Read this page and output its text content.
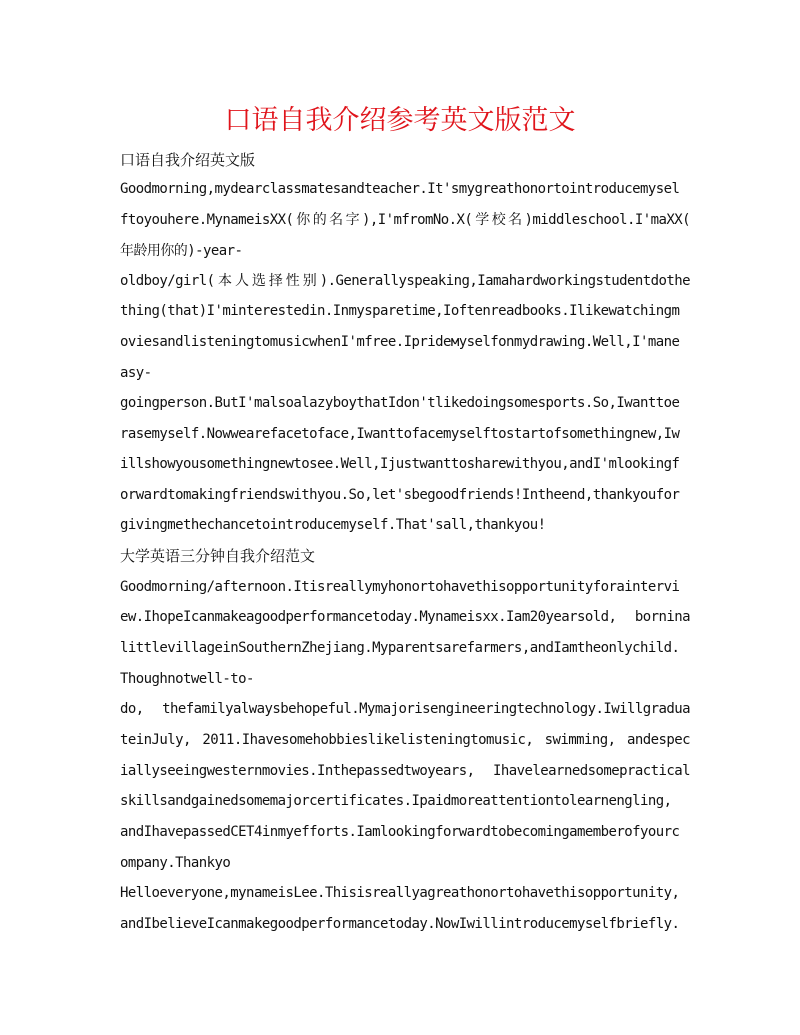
口语自我介绍参考英文版范文
口语自我介绍英文版
Goodmorning,mydearclassmatesandteacher.It'smygreathonortointroducemysel
ftoyouhere.MynameisXX(你的名字),I'mfromNo.X(学校名)middleschool.I'maXX(
年龄用你的)-year-
oldboy/girl(本人选择性别).Generallyspeaking,Iamahardworkingstudentdothe
thing(that)I'minterestedin.Inmysparetime,Ioftenreadbooks.Ilikewatchingm
oviesandlisteningtomusicwhenI'mfree.Iprideмyselfonmydrawing.Well,I'mane
asy-
goingperson.ButI'malsoalazyboythatIdon'tlikedoingsomesports.So,Iwanttoe
rasemyself.Nowwearefacetoface,Iwanttofacemyselftostartofsomethingnew,Iw
illshowyousomethingnewtosee.Well,Ijustwanttosharewithyou,andI'mlookingf
orwardtomakingfriendswithyou.So,let'sbegoodfriends!Intheend,thankyoufor
givingmethechancetointroducemyself.That'sall,thankyou!
大学英语三分钟自我介绍范文
Goodmorning/afternoon.Itisreallymyhonortohavethisopportunityforaintervi
ew.IhopeIcanmakeagoodperformancetoday.Mynameisxx.Iam20yearsold, bornina
littlevillageinSouthernZhejiang.Myparentsarefarmers,andIamtheonlychild.
Thoughnotwell-to-
do, thefamilyalwaysbehopeful.Mymajorisengineeringtechnology.Iwillgradua
teinJuly, 2011.Ihavesomehobbieslikelisteningtomusic, swimming, andespec
iallyseeingwesternmovies.Inthepassedtwoyears, Ihavelearnedsomepractical
skillsandgainedsomemajorcertificates.Ipaidmoreattentiontolearnengling,
andIhavepassedCET4inmyefforts.Iamlookingforwardtobecomingamemberofyourc
ompany.Thankyo
Helloeveryone,mynameisLee.Thisisreallyagreathonortohavethisopportunity,
andIbelieveIcanmakegoodperformancetoday.NowIwillintroducemyselfbriefly.
